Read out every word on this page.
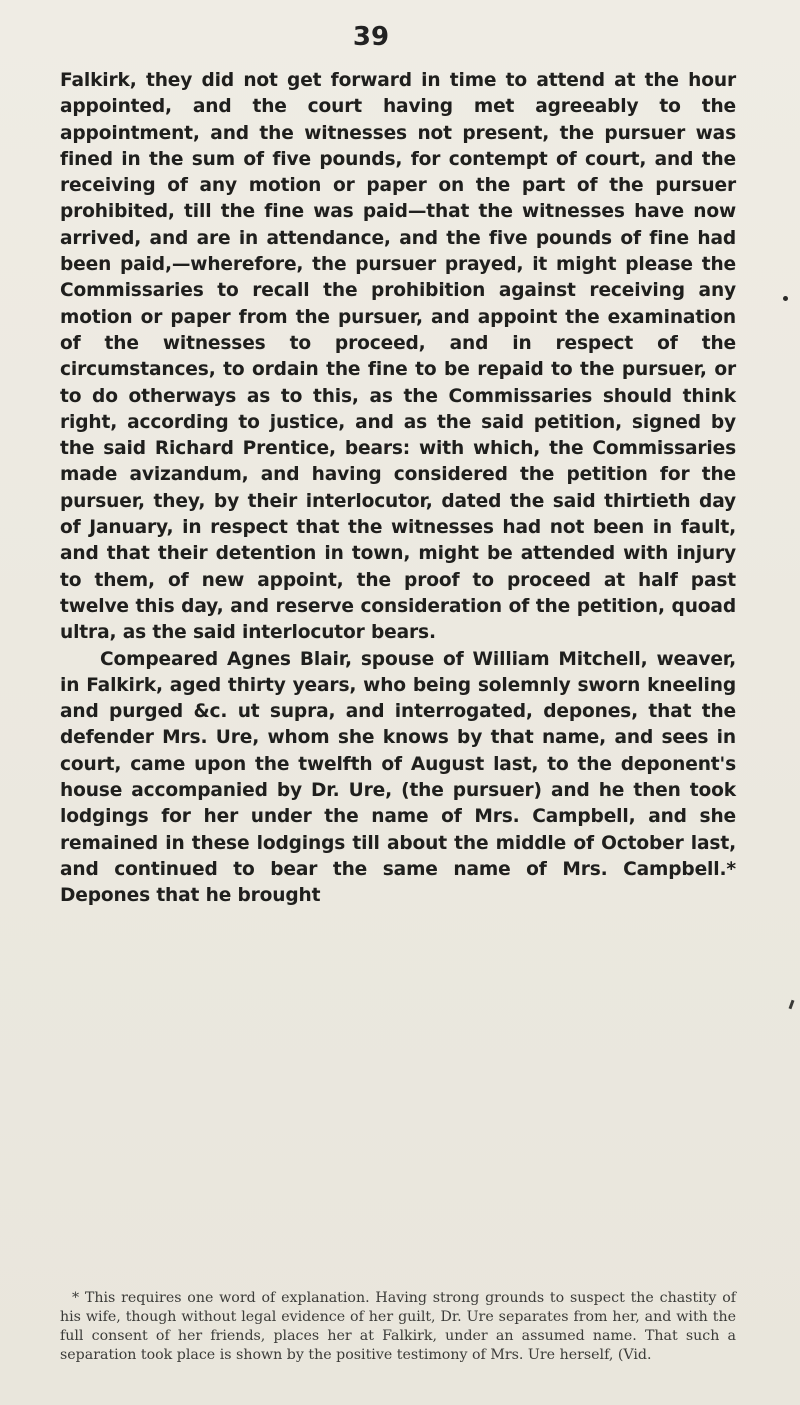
39

Falkirk, they did not get forward in time to attend at the hour appointed, and the court having met agreeably to the appointment, and the witnesses not present, the pursuer was fined in the sum of five pounds, for contempt of court, and the receiving of any motion or paper on the part of the pursuer prohibited, till the fine was paid—that the witnesses have now arrived, and are in attendance, and the five pounds of fine had been paid,—wherefore, the pursuer prayed, it might please the Commissaries to recall the prohibition against receiving any motion or paper from the pursuer, and appoint the examination of the witnesses to proceed, and in respect of the circumstances, to ordain the fine to be repaid to the pursuer, or to do otherways as to this, as the Commissaries should think right, according to justice, and as the said petition, signed by the said Richard Prentice, bears: with which, the Commissaries made avizandum, and having considered the petition for the pursuer, they, by their interlocutor, dated the said thirtieth day of January, in respect that the witnesses had not been in fault, and that their detention in town, might be attended with injury to them, of new appoint, the proof to proceed at half past twelve this day, and reserve consideration of the petition, quoad ultra, as the said interlocutor bears.

Compeared Agnes Blair, spouse of William Mitchell, weaver, in Falkirk, aged thirty years, who being solemnly sworn kneeling and purged &c. ut supra, and interrogated, depones, that the defender Mrs. Ure, whom she knows by that name, and sees in court, came upon the twelfth of August last, to the deponent's house accompanied by Dr. Ure, (the pursuer) and he then took lodgings for her under the name of Mrs. Campbell, and she remained in these lodgings till about the middle of October last, and continued to bear the same name of Mrs. Campbell.* Depones that he brought

* This requires one word of explanation. Having strong grounds to suspect the chastity of his wife, though without legal evidence of her guilt, Dr. Ure separates from her, and with the full consent of her friends, places her at Falkirk, under an assumed name. That such a separation took place is shown by the positive testimony of Mrs. Ure herself, (Vid.
